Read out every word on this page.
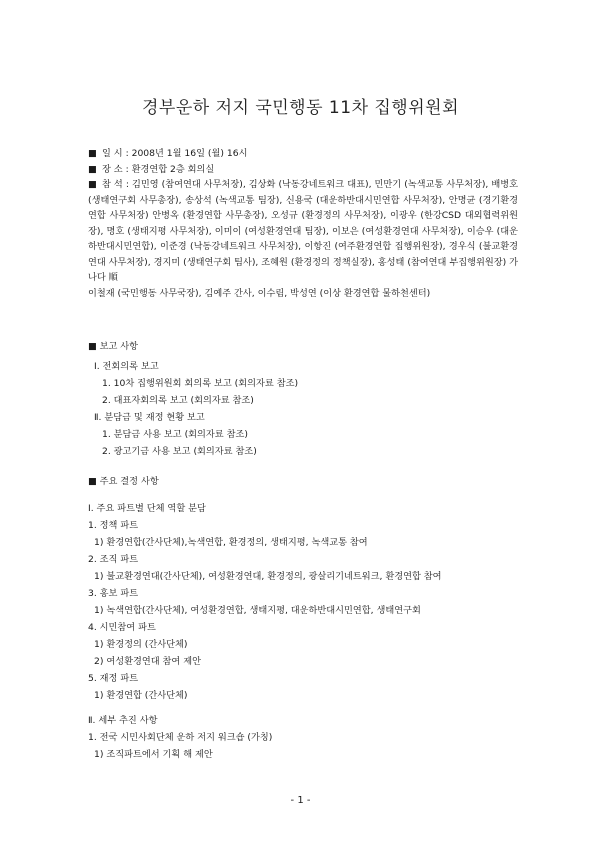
경부운하 저지 국민행동 11차 집행위원회
■ 일 시 : 2008년 1월 16일 (월) 16시
■ 장 소 : 환경연합 2층 회의실
■ 참 석 : 김민영 (참여연대 사무처장), 김상화 (낙동강네트워크 대표), 민만기 (녹색교통 사무처장), 배병호 (생태연구회 사무총장), 송상석 (녹색교통 팀장), 신용국 (대운하반대시민연합 사무처장), 안명균 (경기환경연합 사무처장) 안병옥 (환경연합 사무총장), 오성규 (환경정의 사무처장), 이광우 (한강CSD 대외협력위원장), 명호 (생태지평 사무처장), 이미이 (여성환경연대 팀장), 이보은 (여성환경연대 사무처장), 이승우 (대운하반대시민연합), 이준경 (낙동강네트워크 사무처장), 이항진 (여주환경연합 집행위원장), 경우식 (불교환경연대 사무처장), 경지미 (생태연구회 팀사), 조혜원 (환경정의 정책실장), 홍성태 (참여연대 부집행위원장) 가나다 順
이철재 (국민행동 사무국장), 김예주 간사, 이수림, 박성연 (이상 환경연합 물하천센터)
■ 보고 사항
Ⅰ. 전회의록 보고
1. 10차 집행위원회 회의록 보고 (회의자료 참조)
2. 대표자회의록 보고 (회의자료 참조)
Ⅱ. 분담금 및 재정 현황 보고
1. 분담금 사용 보고 (회의자료 참조)
2. 광고기금 사용 보고 (회의자료 참조)
■ 주요 결정 사항
Ⅰ. 주요 파트별 단체 역할 분담
1. 정책 파트
1) 환경연합(간사단체),녹색연합, 환경정의, 생태지평, 녹색교통 참여
2. 조직 파트
1) 불교환경연대(간사단체), 여성환경연대, 환경정의, 광살리기네트워크, 환경연합 참여
3. 홍보 파트
1) 녹색연합(간사단체), 여성환경연합, 생태지평, 대운하반대시민연합, 생태연구회
4. 시민참여 파트
1) 환경정의 (간사단체)
2) 여성환경연대 참여 제안
5. 재정 파트
1) 환경연합 (간사단체)
Ⅱ. 세부 추진 사항
1. 전국 시민사회단체 운하 저지 워크숍 (가칭)
1) 조직파트에서 기획 해 제안
- 1 -
